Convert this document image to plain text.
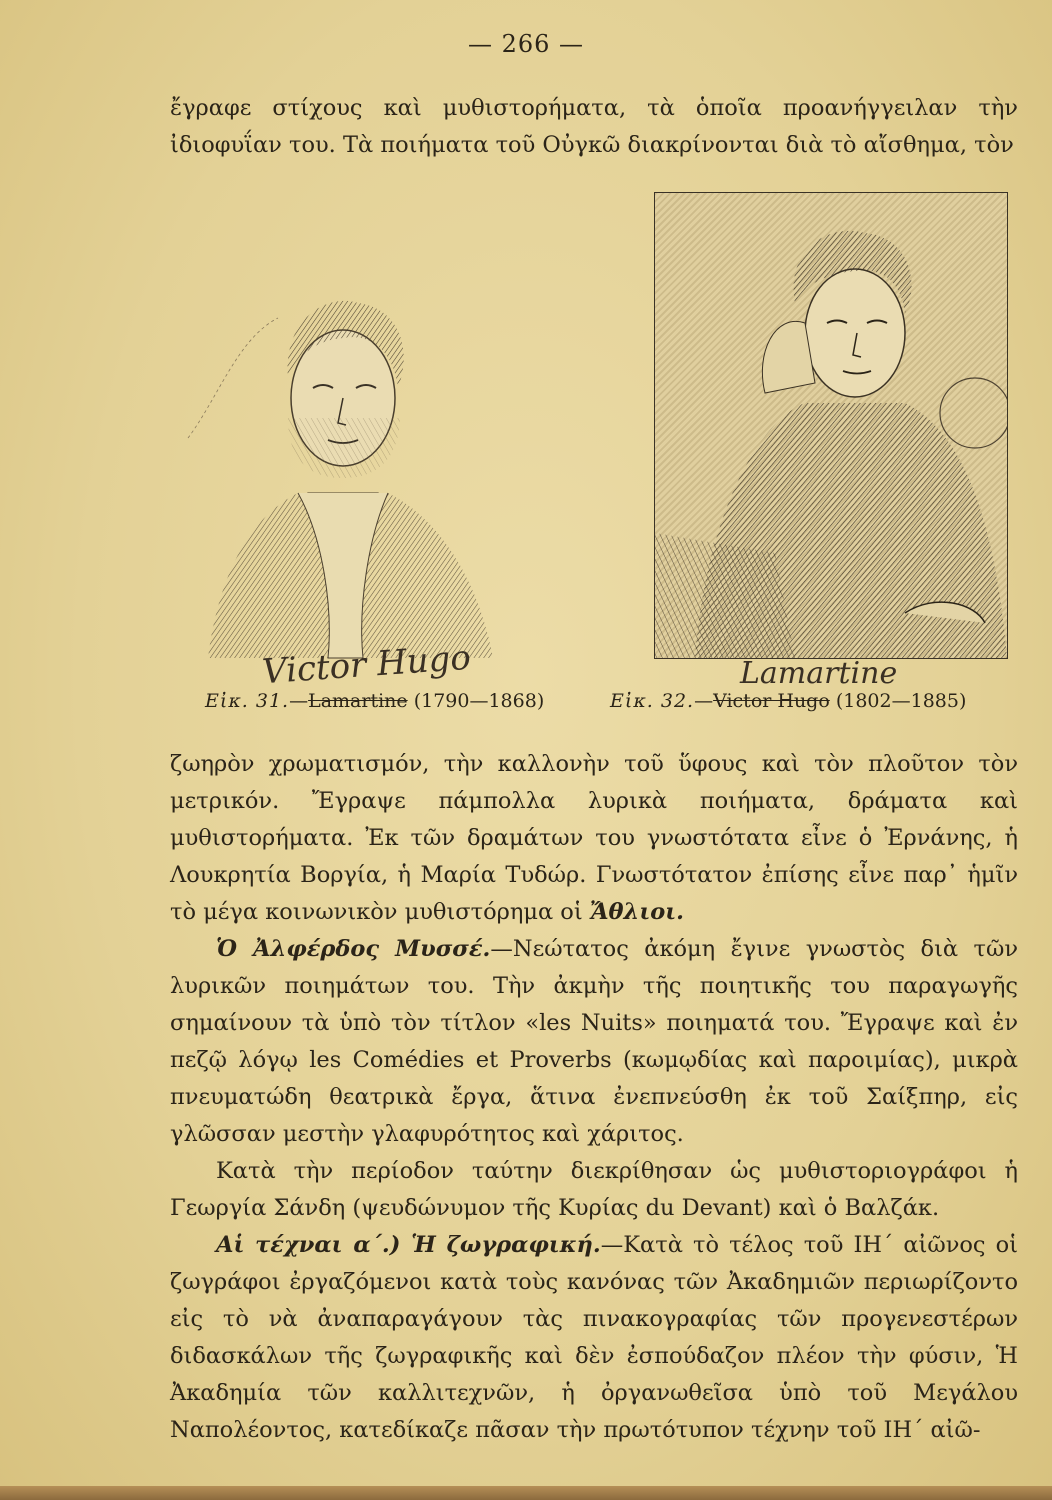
— 266 —

ἔγραφε στίχους καὶ μυθιστορήματα, τὰ ὁποῖα προανήγγειλαν τὴν ἰδιοφυΐαν του. Τὰ ποιήματα τοῦ Οὐγκῶ διακρίνονται διὰ τὸ αἴσθημα, τὸν

Victor Hugo	Lamartine
Εἰκ. 31.—Lamartine (1790—1868)	Εἰκ. 32.—Victor Hugo (1802—1885)

ζωηρὸν χρωματισμόν, τὴν καλλονὴν τοῦ ὕφους καὶ τὸν πλοῦτον τὸν μετρικόν. Ἔγραψε πάμπολλα λυρικὰ ποιήματα, δράματα καὶ μυθιστορήματα. Ἐκ τῶν δραμάτων του γνωστότατα εἶνε ὁ Ἐρνάνης, ἡ Λουκρητία Βοργία, ἡ Μαρία Τυδώρ. Γνωστότατον ἐπίσης εἶνε παρ᾿ ἡμῖν τὸ μέγα κοινωνικὸν μυθιστόρημα οἱ Ἄθλιοι.

Ὁ Ἀλφέρδος Μυσσέ.—Νεώτατος ἀκόμη ἔγινε γνωστὸς διὰ τῶν λυρικῶν ποιημάτων του. Τὴν ἀκμὴν τῆς ποιητικῆς του παραγωγῆς σημαίνουν τὰ ὑπὸ τὸν τίτλον «les Nuits» ποιηματά του. Ἔγραψε καὶ ἐν πεζῷ λόγῳ les Comédies et Proverbs (κωμῳδίας καὶ παροιμίας), μικρὰ πνευματώδη θεατρικὰ ἔργα, ἅτινα ἐνεπνεύσθη ἐκ τοῦ Σαίξπηρ, εἰς γλῶσσαν μεστὴν γλαφυρότητος καὶ χάριτος.

Κατὰ τὴν περίοδον ταύτην διεκρίθησαν ὡς μυθιστοριογράφοι ἡ Γεωργία Σάνδη (ψευδώνυμον τῆς Κυρίας du Devant) καὶ ὁ Βαλζάκ.

Αἱ τέχναι α΄.) Ἡ ζωγραφική.—Κατὰ τὸ τέλος τοῦ ΙΗ΄ αἰῶνος οἱ ζωγράφοι ἐργαζόμενοι κατὰ τοὺς κανόνας τῶν Ἀκαδημιῶν περιωρίζοντο εἰς τὸ νὰ ἀναπαραγάγουν τὰς πινακογραφίας τῶν προγενεστέρων διδασκάλων τῆς ζωγραφικῆς καὶ δὲν ἐσπούδαζον πλέον τὴν φύσιν, Ἡ Ἀκαδημία τῶν καλλιτεχνῶν, ἡ ὀργανωθεῖσα ὑπὸ τοῦ Μεγάλου Ναπολέοντος, κατεδίκαζε πᾶσαν τὴν πρωτότυπον τέχνην τοῦ ΙΗ΄ αἰῶ-
